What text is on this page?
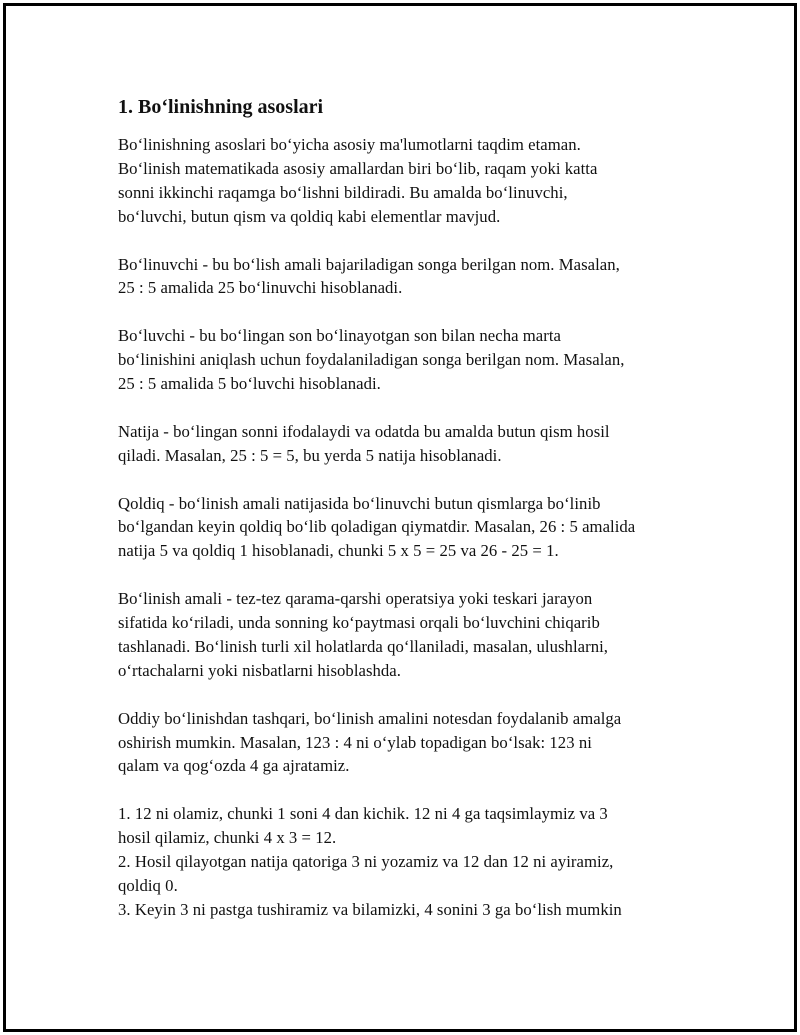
1. Bo‘linishning asoslari

Bo‘linishning asoslari bo‘yicha asosiy ma'lumotlarni taqdim etaman.
Bo‘linish matematikada asosiy amallardan biri bo‘lib, raqam yoki katta
sonni ikkinchi raqamga bo‘lishni bildiradi. Bu amalda bo‘linuvchi,
bo‘luvchi, butun qism va qoldiq kabi elementlar mavjud.

Bo‘linuvchi - bu bo‘lish amali bajariladigan songa berilgan nom. Masalan,
25 : 5 amalida 25 bo‘linuvchi hisoblanadi.

Bo‘luvchi - bu bo‘lingan son bo‘linayotgan son bilan necha marta
bo‘linishini aniqlash uchun foydalaniladigan songa berilgan nom. Masalan,
25 : 5 amalida 5 bo‘luvchi hisoblanadi.

Natija - bo‘lingan sonni ifodalaydi va odatda bu amalda butun qism hosil
qiladi. Masalan, 25 : 5 = 5, bu yerda 5 natija hisoblanadi.

Qoldiq - bo‘linish amali natijasida bo‘linuvchi butun qismlarga bo‘linib
bo‘lgandan keyin qoldiq bo‘lib qoladigan qiymatdir. Masalan, 26 : 5 amalida
natija 5 va qoldiq 1 hisoblanadi, chunki 5 x 5 = 25 va 26 - 25 = 1.

Bo‘linish amali - tez-tez qarama-qarshi operatsiya yoki teskari jarayon
sifatida ko‘riladi, unda sonning ko‘paytmasi orqali bo‘luvchini chiqarib
tashlanadi. Bo‘linish turli xil holatlarda qo‘llaniladi, masalan, ulushlarni,
o‘rtachalarni yoki nisbatlarni hisoblashda.

Oddiy bo‘linishdan tashqari, bo‘linish amalini notesdan foydalanib amalga
oshirish mumkin. Masalan, 123 : 4 ni o‘ylab topadigan bo‘lsak: 123 ni
qalam va qog‘ozda 4 ga ajratamiz.

1. 12 ni olamiz, chunki 1 soni 4 dan kichik. 12 ni 4 ga taqsimlaymiz va 3
hosil qilamiz, chunki 4 x 3 = 12.
2. Hosil qilayotgan natija qatoriga 3 ni yozamiz va 12 dan 12 ni ayiramiz,
qoldiq 0.
3. Keyin 3 ni pastga tushiramiz va bilamizki, 4 sonini 3 ga bo‘lish mumkin
